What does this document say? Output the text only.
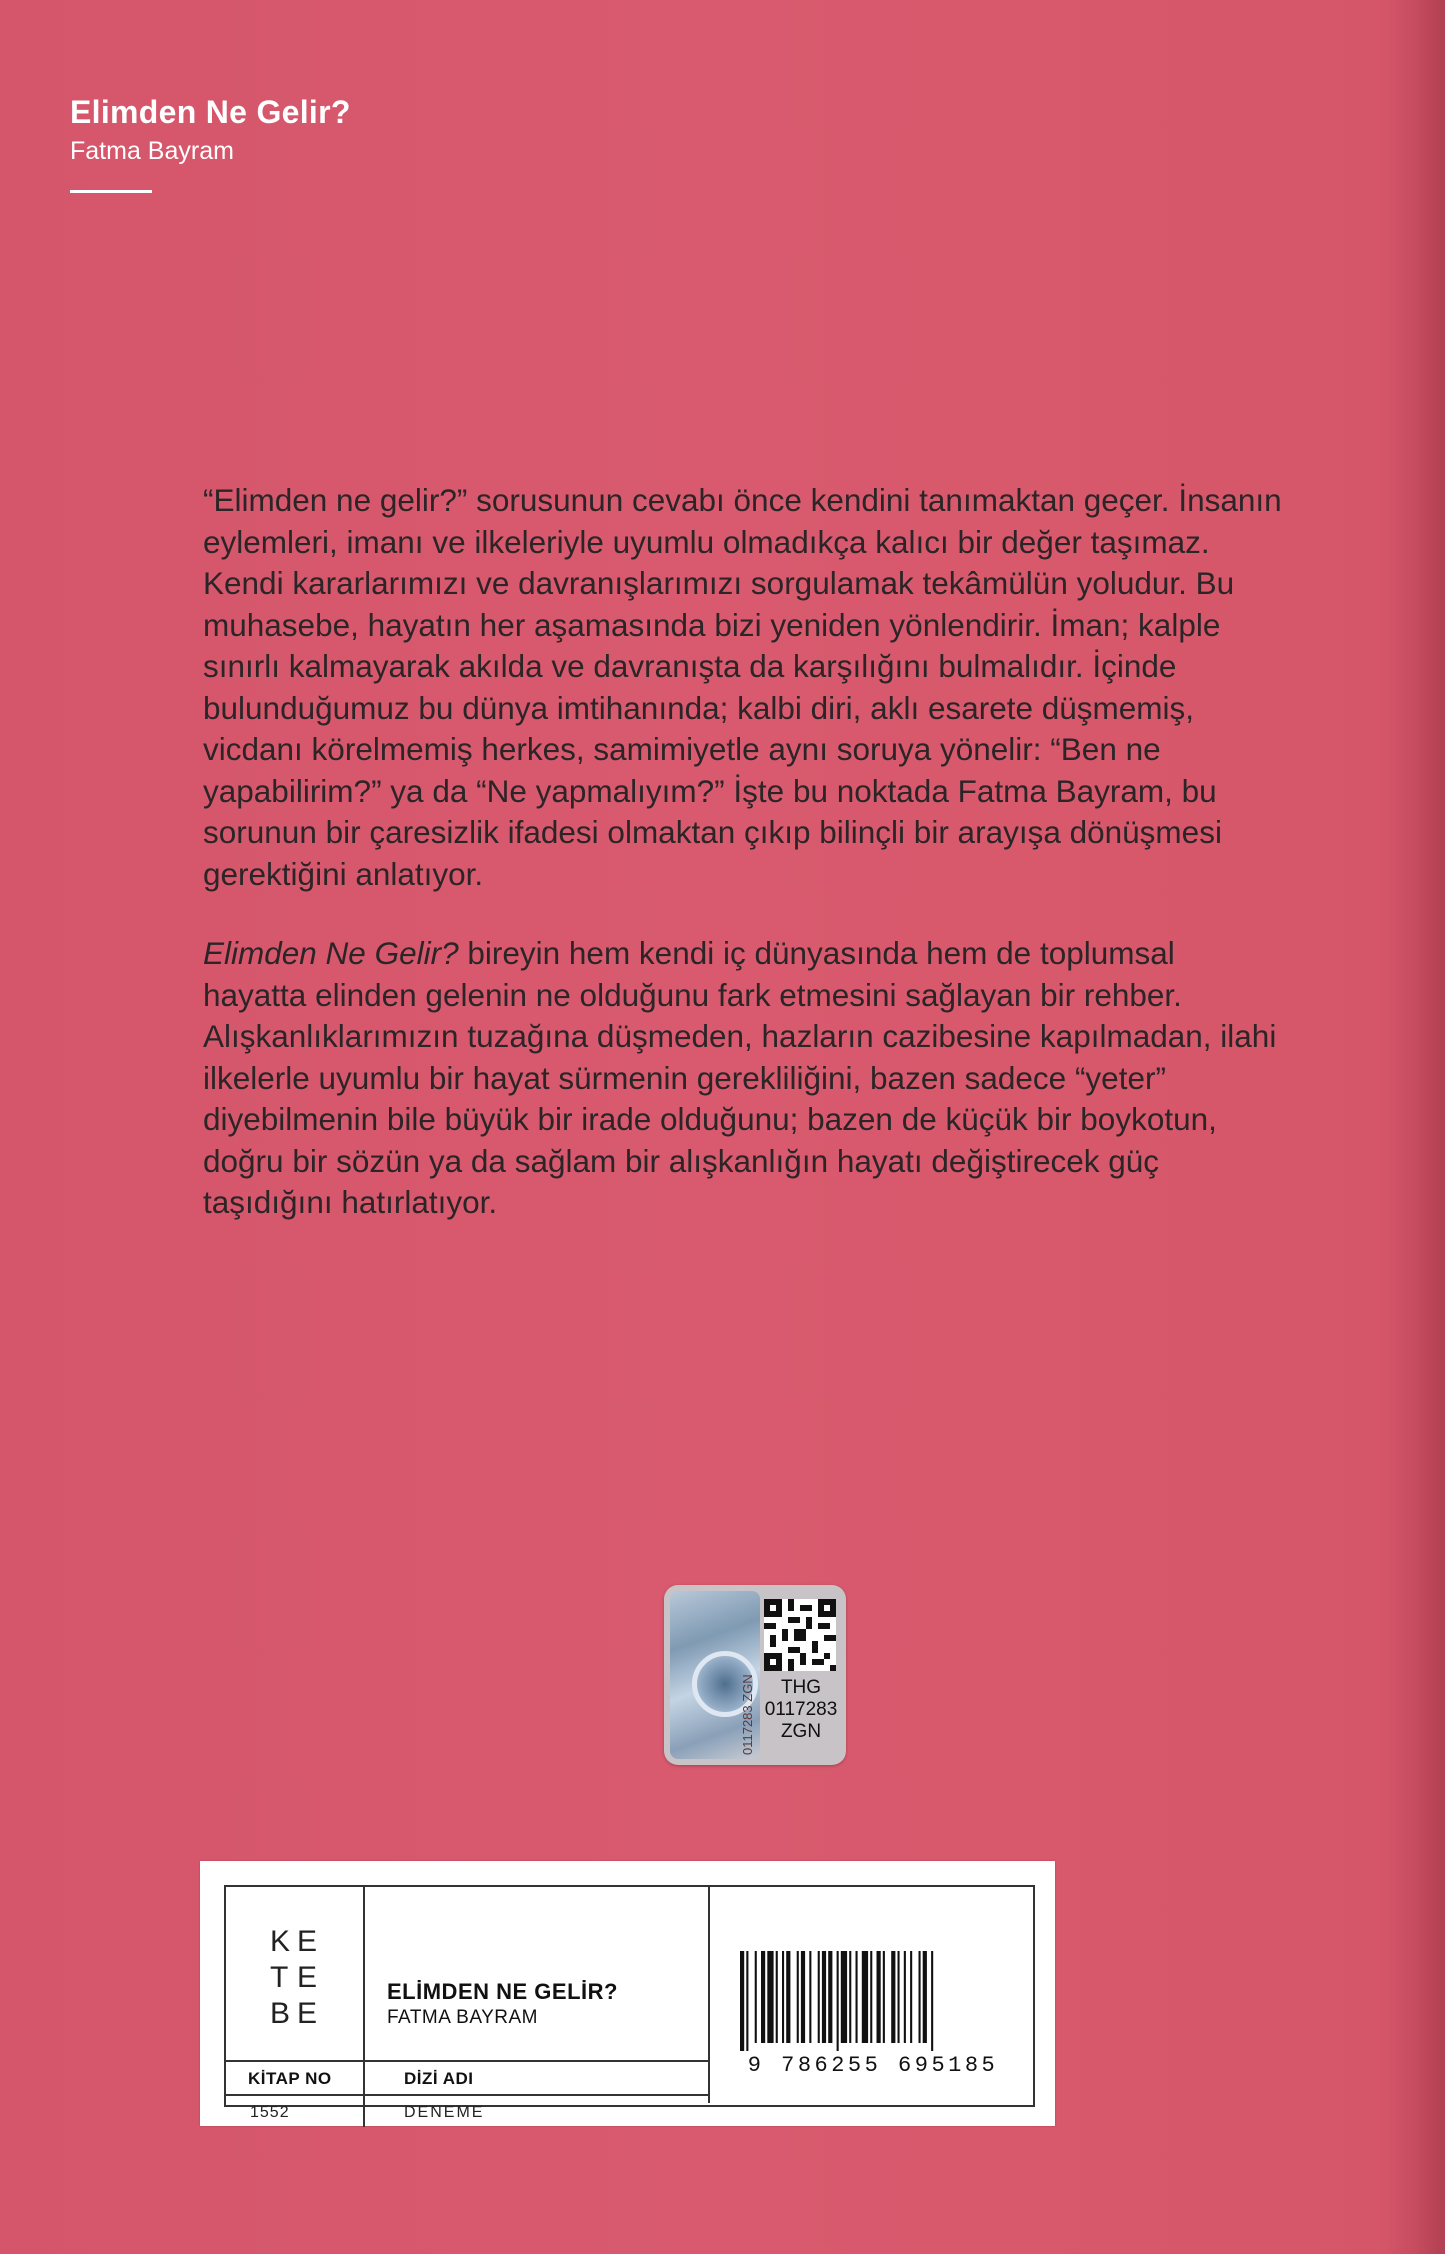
Elimden Ne Gelir?
Fatma Bayram

“Elimden ne gelir?” sorusunun cevabı önce kendini tanımaktan geçer. İnsanın eylemleri, imanı ve ilkeleriyle uyumlu olmadıkça kalıcı bir değer taşımaz. Kendi kararlarımızı ve davranışlarımızı sorgulamak tekâmülün yoludur. Bu muhasebe, hayatın her aşamasında bizi yeniden yönlendirir. İman; kalple sınırlı kalmayarak akılda ve davranışta da karşılığını bulmalıdır. İçinde bulunduğumuz bu dünya imtihanında; kalbi diri, aklı esarete düşmemiş, vicdanı körelmemiş herkes, samimiyetle aynı soruya yönelir: “Ben ne yapabilirim?” ya da “Ne yapmalıyım?” İşte bu noktada Fatma Bayram, bu sorunun bir çaresizlik ifadesi olmaktan çıkıp bilinçli bir arayışa dönüşmesi gerektiğini anlatıyor.

Elimden Ne Gelir? bireyin hem kendi iç dünyasında hem de toplumsal hayatta elinden gelenin ne olduğunu fark etmesini sağlayan bir rehber. Alışkanlıklarımızın tuzağına düşmeden, hazların cazibesine kapılmadan, ilahi ilkelerle uyumlu bir hayat sürmenin gerekliliğini, bazen sadece “yeter” diyebilmenin bile büyük bir irade olduğunu; bazen de küçük bir boykotun, doğru bir sözün ya da sağlam bir alışkanlığın hayatı değiştirecek güç taşıdığını hatırlatıyor.

0117283 ZGN	THG
0117283
ZGN
K E
T E
B E
ELİMDEN NE GELİR?
FATMA BAYRAM
9 786255 695185
KİTAP NO	DİZİ ADI
1552	DENEME
